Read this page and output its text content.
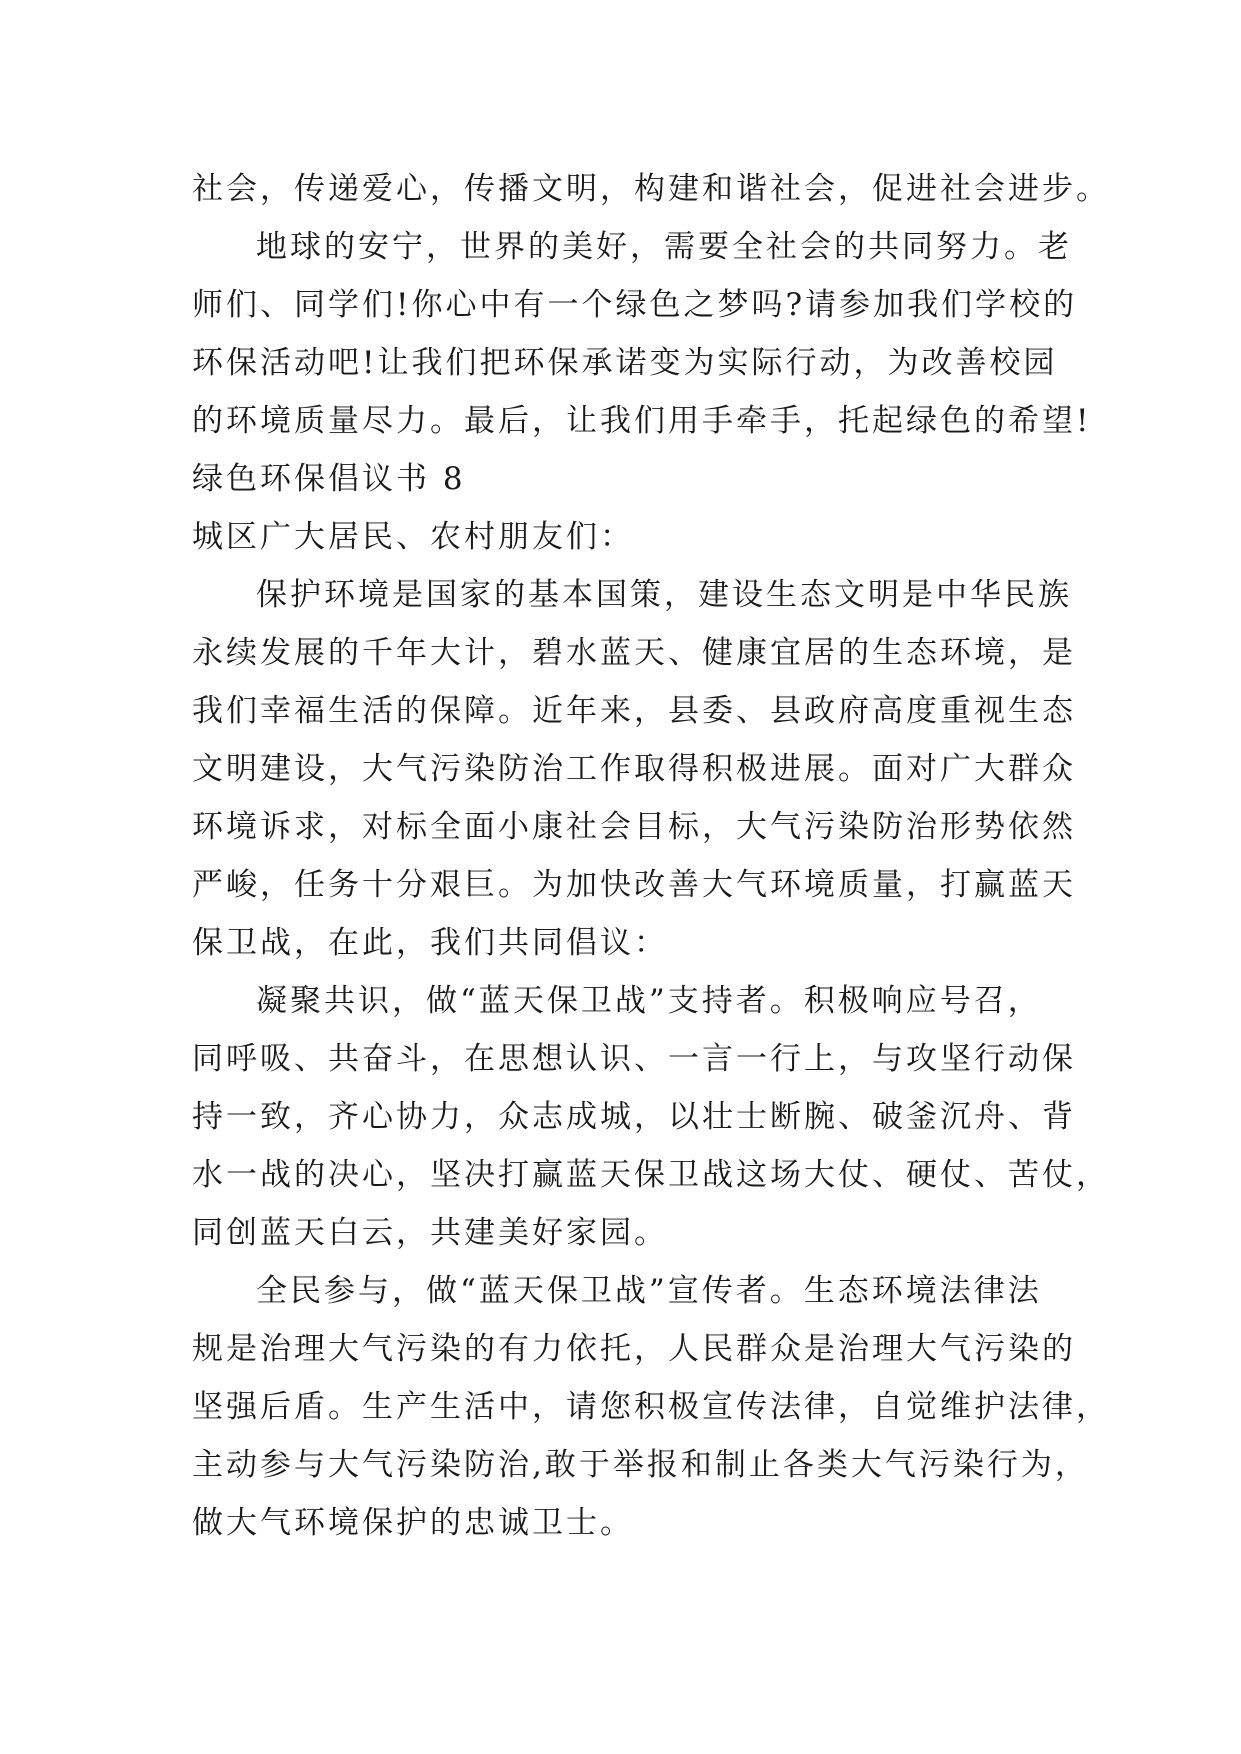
社会，传递爱心，传播文明，构建和谐社会，促进社会进步。
地球的安宁，世界的美好，需要全社会的共同努力。老
师们、同学们!你心中有一个绿色之梦吗?请参加我们学校的
环保活动吧!让我们把环保承诺变为实际行动，为改善校园
的环境质量尽力。最后，让我们用手牵手，托起绿色的希望!
绿色环保倡议书 8
城区广大居民、农村朋友们：
保护环境是国家的基本国策，建设生态文明是中华民族
永续发展的千年大计，碧水蓝天、健康宜居的生态环境，是
我们幸福生活的保障。近年来，县委、县政府高度重视生态
文明建设，大气污染防治工作取得积极进展。面对广大群众
环境诉求，对标全面小康社会目标，大气污染防治形势依然
严峻，任务十分艰巨。为加快改善大气环境质量，打赢蓝天
保卫战，在此，我们共同倡议：
凝聚共识，做“蓝天保卫战”支持者。积极响应号召，
同呼吸、共奋斗，在思想认识、一言一行上，与攻坚行动保
持一致，齐心协力，众志成城，以壮士断腕、破釜沉舟、背
水一战的决心，坚决打赢蓝天保卫战这场大仗、硬仗、苦仗，
同创蓝天白云，共建美好家园。
全民参与，做“蓝天保卫战”宣传者。生态环境法律法
规是治理大气污染的有力依托，人民群众是治理大气污染的
坚强后盾。生产生活中，请您积极宣传法律，自觉维护法律，
主动参与大气污染防治,敢于举报和制止各类大气污染行为，
做大气环境保护的忠诚卫士。
